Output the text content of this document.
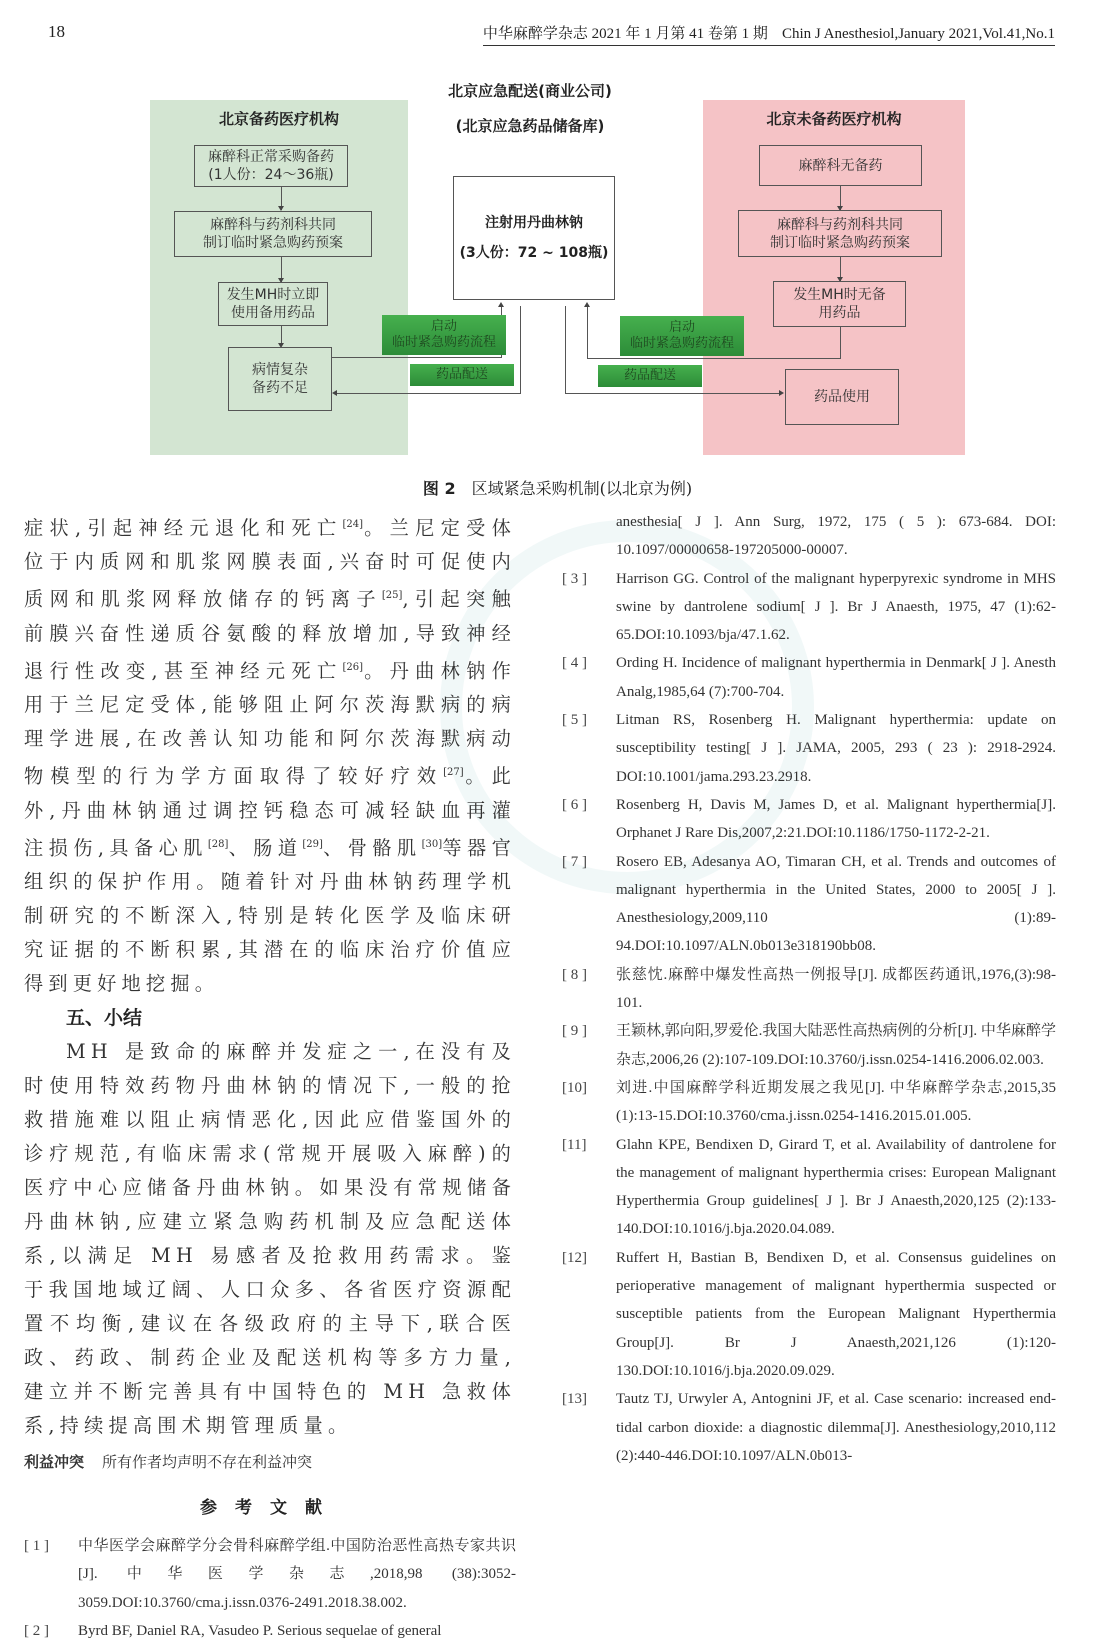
18	中华麻醉学杂志 2021 年 1 月第 41 卷第 1 期 Chin J Anesthesiol,January 2021,Vol.41,No.1
北京应急配送(商业公司)
(北京应急药品储备库)
注射用丹曲林钠
(3人份：72 ~ 108瓶)
北京备药医疗机构
麻醉科正常采购备药
(1人份：24～36瓶)
麻醉科与药剂科共同
制订临时紧急购药预案
发生MH时立即
使用备用药品
病情复杂
备药不足
启动
临时紧急购药流程
药品配送
北京未备药医疗机构
麻醉科无备药
麻醉科与药剂科共同
制订临时紧急购药预案
发生MH时无备
用药品
药品使用
启动
临时紧急购药流程
药品配送
图 2 区域紧急采购机制(以北京为例)

症状,引起神经元退化和死亡[24]。兰尼定受体位于内质网和肌浆网膜表面,兴奋时可促使内质网和肌浆网释放储存的钙离子[25],引起突触前膜兴奋性递质谷氨酸的释放增加,导致神经退行性改变,甚至神经元死亡[26]。丹曲林钠作用于兰尼定受体,能够阻止阿尔茨海默病的病理学进展,在改善认知功能和阿尔茨海默病动物模型的行为学方面取得了较好疗效[27]。此外,丹曲林钠通过调控钙稳态可减轻缺血再灌注损伤,具备心肌[28]、肠道[29]、骨骼肌[30]等器官组织的保护作用。随着针对丹曲林钠药理学机制研究的不断深入,特别是转化医学及临床研究证据的不断积累,其潜在的临床治疗价值应得到更好地挖掘。

五、小结

MH 是致命的麻醉并发症之一,在没有及时使用特效药物丹曲林钠的情况下,一般的抢救措施难以阻止病情恶化,因此应借鉴国外的诊疗规范,有临床需求(常规开展吸入麻醉)的医疗中心应储备丹曲林钠。如果没有常规储备丹曲林钠,应建立紧急购药机制及应急配送体系,以满足 MH 易感者及抢救用药需求。鉴于我国地域辽阔、人口众多、各省医疗资源配置不均衡,建议在各级政府的主导下,联合医政、药政、制药企业及配送机构等多方力量,建立并不断完善具有中国特色的 MH 急救体系,持续提高围术期管理质量。

利益冲突 所有作者均声明不存在利益冲突
参考文献
[ 1 ]	中华医学会麻醉学分会骨科麻醉学组.中国防治恶性高热专家共识[J]. 中华医学杂志,2018,98 (38):3052-3059.DOI:10.3760/cma.j.issn.0376-2491.2018.38.002.
[ 2 ]	Byrd BF, Daniel RA, Vasudeo P. Serious sequelae of general
anesthesia[ J ]. Ann Surg, 1972, 175 ( 5 ): 673-684. DOI: 10.1097/00000658-197205000-00007.
[ 3 ]	Harrison GG. Control of the malignant hyperpyrexic syndrome in MHS swine by dantrolene sodium[ J ]. Br J Anaesth, 1975, 47 (1):62-65.DOI:10.1093/bja/47.1.62.
[ 4 ]	Ording H. Incidence of malignant hyperthermia in Denmark[ J ]. Anesth Analg,1985,64 (7):700-704.
[ 5 ]	Litman RS, Rosenberg H. Malignant hyperthermia: update on susceptibility testing[ J ]. JAMA, 2005, 293 ( 23 ): 2918-2924. DOI:10.1001/jama.293.23.2918.
[ 6 ]	Rosenberg H, Davis M, James D, et al. Malignant hyperthermia[J]. Orphanet J Rare Dis,2007,2:21.DOI:10.1186/1750-1172-2-21.
[ 7 ]	Rosero EB, Adesanya AO, Timaran CH, et al. Trends and outcomes of malignant hyperthermia in the United States, 2000 to 2005[ J ]. Anesthesiology,2009,110 (1):89-94.DOI:10.1097/ALN.0b013e318190bb08.
[ 8 ]	张慈忱.麻醉中爆发性高热一例报导[J]. 成都医药通讯,1976,(3):98-101.
[ 9 ]	王颖林,郭向阳,罗爱伦.我国大陆恶性高热病例的分析[J]. 中华麻醉学杂志,2006,26 (2):107-109.DOI:10.3760/j.issn.0254-1416.2006.02.003.
[10]	刘进.中国麻醉学科近期发展之我见[J]. 中华麻醉学杂志,2015,35 (1):13-15.DOI:10.3760/cma.j.issn.0254-1416.2015.01.005.
[11]	Glahn KPE, Bendixen D, Girard T, et al. Availability of dantrolene for the management of malignant hyperthermia crises: European Malignant Hyperthermia Group guidelines[ J ]. Br J Anaesth,2020,125 (2):133-140.DOI:10.1016/j.bja.2020.04.089.
[12]	Ruffert H, Bastian B, Bendixen D, et al. Consensus guidelines on perioperative management of malignant hyperthermia suspected or susceptible patients from the European Malignant Hyperthermia Group[J]. Br J Anaesth,2021,126 (1):120-130.DOI:10.1016/j.bja.2020.09.029.
[13]	Tautz TJ, Urwyler A, Antognini JF, et al. Case scenario: increased end-tidal carbon dioxide: a diagnostic dilemma[J]. Anesthesiology,2010,112 (2):440-446.DOI:10.1097/ALN.0b013-
